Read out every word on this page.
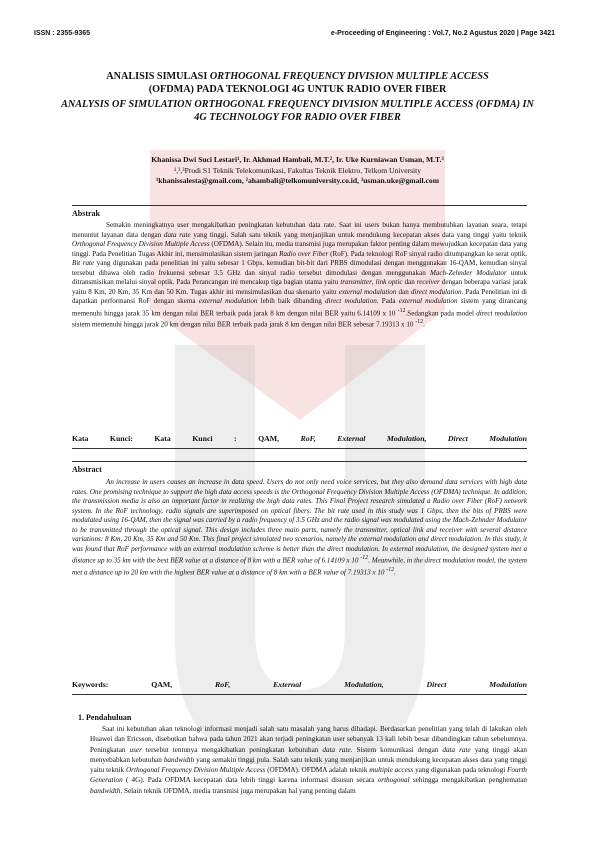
ISSN : 2355-9365	e-Proceeding of Engineering : Vol.7, No.2 Agustus 2020 | Page 3421
ANALISIS SIMULASI ORTHOGONAL FREQUENCY DIVISION MULTIPLE ACCESS
(OFDMA) PADA TEKNOLOGI 4G UNTUK RADIO OVER FIBER
ANALYSIS OF SIMULATION ORTHOGONAL FREQUENCY DIVISION MULTIPLE ACCESS (OFDMA) IN 4G TECHNOLOGY FOR RADIO OVER FIBER
Khanissa Dwi Suci Lestari¹, Ir. Akhmad Hambali, M.T.², Ir. Uke Kurniawan Usman, M.T.³
¹,²,³Prodi S1 Teknik Telekomunikasi, Fakultas Teknik Elektro, Telkom University
¹khanissalesta@gmail.com, ²ahambali@telkomuniversity.co.id, ³usman.uke@gmail.com
Abstrak
Semakin meningkatnya user mengakibatkan peningkatan kebutuhan data rate. Saat ini users bukan hanya membutuhkan layanan suara, tetapi menuntut layanan data dengan data rate yang tinggi. Salah satu teknik yang menjanjikan untuk mendukung kecepatan akses data yang tinggi yaitu teknik Orthogonal Frequency Division Multiple Access (OFDMA). Selain itu, media transmisi juga merupakan faktor penting dalam mewujudkan kecepatan data yang tinggi. Pada Penelitian Tugas Akhir ini, mensimulasikan sistem jaringan Radio over Fiber (RoF). Pada teknologi RoF sinyal radio ditumpangkan ke serat optik. Bit rate yang digunakan pada penelitian ini yaitu sebesar 1 Gbps, kemudian bit-bit dari PRBS dimodulasi dengan menggunakan 16-QAM, kemudian sinyal tersebut dibawa oleh radio frekuensi sebesar 3.5 GHz dan sinyal radio tersebut dimodulasi dengan menggunakan Mach-Zehnder Modulator untuk ditransmisikan melalui sinyal optik. Pada Perancangan ini mencakup tiga bagian utama yaitu transmitter, link optic dan receiver dengan beberapa variasi jarak yaitu 8 Km, 20 Km, 35 Km dan 50 Km. Tugas akhir ini mensimulasikan dua skenario yaitu external modulation dan direct modulation. Pada Penelitian ini di dapatkan performansi RoF dengan skema external modulation lebih baik dibanding direct modulation. Pada external modulation sistem yang dirancang memenuhi hingga jarak 35 km dengan nilai BER terbaik pada jarak 8 km dengan nilai BER yaitu 6.14109 x 10 $^{-12}$.Sedangkan pada model direct modulation sistem memenuhi hingga jarak 20 km dengan nilai BER terbaik pada jarak 8 km dengan nilai BER sebesar 7.19313 x 10 $^{-12}$.
Kata	Kunci:	Kata	Kunci	:	QAM,	RoF,	External	Modulation,	Direct	Modulation
Abstract
An increase in users causes an increase in data speed. Users do not only need voice services, but they also demand data services with high data rates. One promising technique to support the high data access speeds is the Orthogonal Frequency Division Multiple Access (OFDMA) technique. In addition, the transmission media is also an important factor in realizing the high data rates. This Final Project research simulated a Radio over Fiber (RoF) network system. In the RoF technology, radio signals are superimposed on optical fibers. The bit rate used in this study was 1 Gbps, then the bits of PRBS were modulated using 16-QAM, then the signal was carried by a radio frequency of 3.5 GHz and the radio signal was modulated using the Mach-Zehnder Modulator to be transmitted through the optical signal. This design includes three main parts, namely the transmitter, optical link and receiver with several distance variations: 8 Km, 20 Km, 35 Km and 50 Km. This final project simulated two scenarios, namely the external modulation and direct modulation. In this study, it was found that RoF performance with an external modulation scheme is better than the direct modulation. In external modulation, the designed system met a distance up to 35 km with the best BER value at a distance of 8 km with a BER value of 6.14109 x 10 $^{-12}$. Meanwhile, in the direct modulation model, the system met a distance up to 20 km with the highest BER value at a distance of 8 km with a BER value of 7.19313 x 10 $^{-12}$.
Keywords:	QAM,	RoF,	External	Modulation,	Direct	Modulation
1. Pendahuluan
Saat ini kebutuhan akan teknologi informasi menjadi salah satu masalah yang harus dihadapi. Berdasarkan penelitian yang telah di lakukan oleh Huawei dan Ericsson, disebutkan bahwa pada tahun 2021 akan terjadi peningkatan user sebanyak 13 kali lebih besar dibandingkan tahun sebelumnya. Peningkatan user tersebut tentunya mengakibatkan peningkatan kebutuhan data rate. Sistem komunikasi dengan data rate yang tinggi akan menyebabkan kebutuhan bandwidth yang semakin tinggi pula. Salah satu teknik yang menjanjikan untuk mendukung kecepatan akses data yang tinggi yaitu teknik Orthogonal Frequency Division Multiple Access (OFDMA). OFDMA adalah teknik multiple access yang digunakan pada teknologi Fourth Generation ( 4G). Pada OFDMA kecepatan data lebih tinggi karena informasi disusun secara orthogonal sehingga mengakibatkan penghematan bandwidth. Selain teknik OFDMA, media transmisi juga merupakan hal yang penting dalam
